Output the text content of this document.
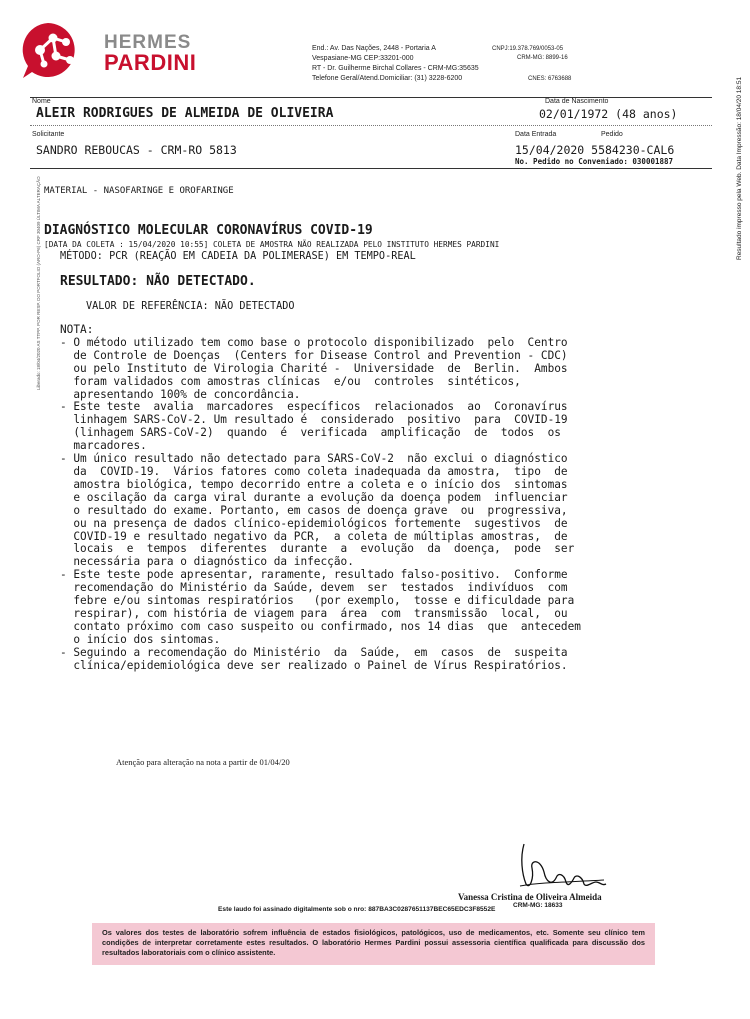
HERMES
PARDINI
End.: Av. Das Nações, 2448 - Portaria A
Vespasiane-MG CEP:33201-000
RT - Dr. Guilherme Birchal Collares - CRM-MG:35635
Telefone Geral/Atend.Domiciliar: (31) 3228-6200
CNPJ:19.378.769/0053-05
CRM-MG: 8899-16
CNES: 6763688	Resultado impresso pela Web. Data Impressão: 18/04/20 18:51
Nome	Data de Nascimento
ALEIR RODRIGUES DE ALMEIDA DE OLIVEIRA	02/01/1972 (48 anos)
Solicitante	Data Entrada	Pedido
SANDRO REBOUCAS - CRM-RO 5813	15/04/2020 5584230-CAL6
No. Pedido no Conveniado: 030001887
MATERIAL - NASOFARINGE E OROFARINGE
Liberado: 18/04/2020 AS TTPP. POR RESP. DO PORTFOLIO (ARO-P6) CRF 30409 ÚLTIMA ALTERAÇÃO DIAGNÓSTICO MOLECULAR CORONAVÍRUS COVID-19
[DATA DA COLETA : 15/04/2020 10:55] COLETA DE AMOSTRA NÃO REALIZADA PELO INSTITUTO HERMES PARDINI
MÉTODO: PCR (REAÇÃO EM CADEIA DA POLIMERASE) EM TEMPO-REAL
RESULTADO: NÃO DETECTADO.
VALOR DE REFERÊNCIA: NÃO DETECTADO
NOTA:
- O método utilizado tem como base o protocolo disponibilizado  pelo  Centro
de Controle de Doenças  (Centers for Disease Control and Prevention - CDC)
ou pelo Instituto de Virologia Charité -  Universidade  de  Berlin.  Ambos
foram validados com amostras clínicas  e/ou  controles  sintéticos,
apresentando 100% de concordância.
- Este teste  avalia  marcadores  específicos  relacionados  ao  Coronavírus
linhagem SARS-CoV-2. Um resultado é  considerado  positivo  para  COVID-19
(linhagem SARS-CoV-2)  quando  é  verificada  amplificação  de  todos  os
marcadores.
- Um único resultado não detectado para SARS-CoV-2  não exclui o diagnóstico
da  COVID-19.  Vários fatores como coleta inadequada da amostra,  tipo  de
amostra biológica, tempo decorrido entre a coleta e o início dos  sintomas
e oscilação da carga viral durante a evolução da doença podem  influenciar
o resultado do exame. Portanto, em casos de doença grave  ou  progressiva,
ou na presença de dados clínico-epidemiológicos fortemente  sugestivos  de
COVID-19 e resultado negativo da PCR,  a coleta de múltiplas amostras,  de
locais  e  tempos  diferentes  durante  a  evolução  da  doença,  pode  ser
necessária para o diagnóstico da infecção.
- Este teste pode apresentar, raramente, resultado falso-positivo.  Conforme
recomendação do Ministério da Saúde, devem  ser  testados  indivíduos  com
febre e/ou sintomas respiratórios   (por exemplo,  tosse e dificuldade para
respirar), com história de viagem para  área  com  transmissão  local,  ou
contato próximo com caso suspeito ou confirmado, nos 14 dias  que  antecedem
o início dos sintomas.
- Seguindo a recomendação do Ministério  da  Saúde,  em  casos  de  suspeita
clínica/epidemiológica deve ser realizado o Painel de Vírus Respiratórios.
Atenção para alteração na nota a partir de 01/04/20
Vanessa Cristina de Oliveira Almeida
CRM-MG: 18633
Este laudo foi assinado digitalmente sob o nro: 887BA3C0287651137BEC65EDC3F8552E
Os valores dos testes de laboratório sofrem influência de estados fisiológicos, patológicos, uso de medicamentos, etc. Somente seu clínico tem condições de interpretar corretamente estes resultados. O laboratório Hermes Pardini possui assessoria científica qualificada para discussão dos resultados laboratoriais com o clínico assistente.
